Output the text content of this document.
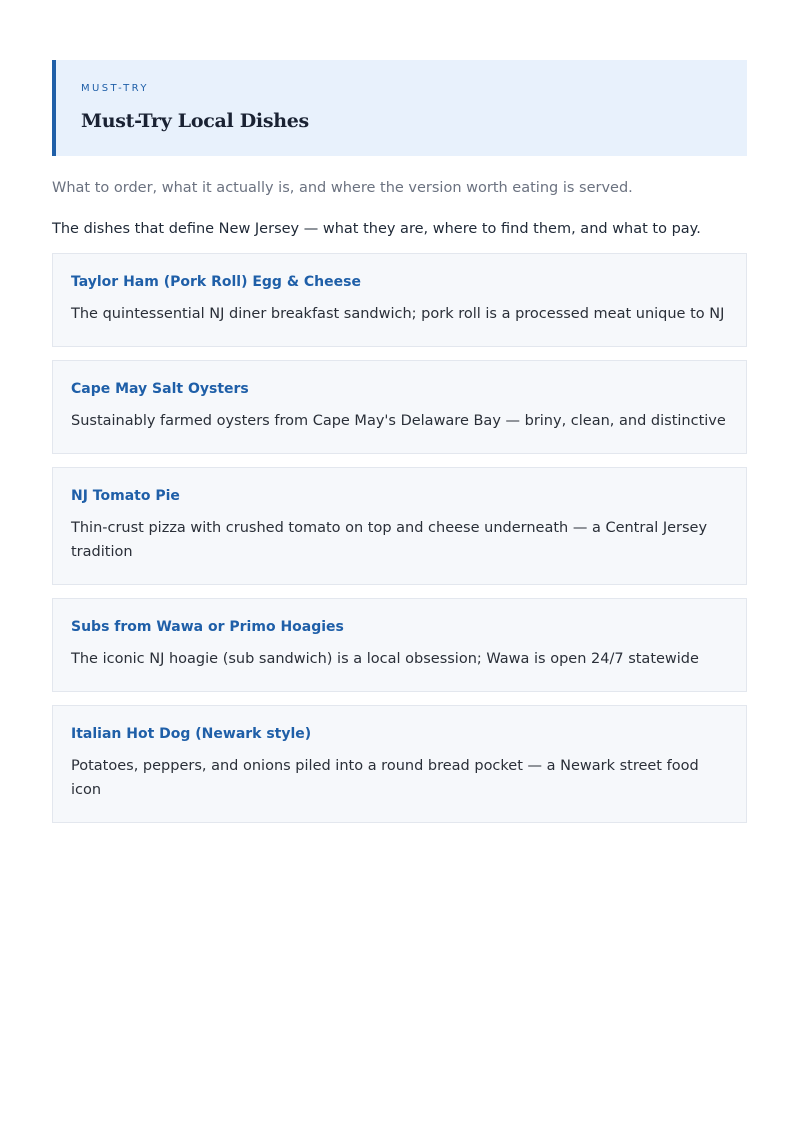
MUST-TRY
Must-Try Local Dishes
What to order, what it actually is, and where the version worth eating is served.
The dishes that define New Jersey — what they are, where to find them, and what to pay.
Taylor Ham (Pork Roll) Egg & Cheese
The quintessential NJ diner breakfast sandwich; pork roll is a processed meat unique to NJ
Cape May Salt Oysters
Sustainably farmed oysters from Cape May's Delaware Bay — briny, clean, and distinctive
NJ Tomato Pie
Thin-crust pizza with crushed tomato on top and cheese underneath — a Central Jersey tradition
Subs from Wawa or Primo Hoagies
The iconic NJ hoagie (sub sandwich) is a local obsession; Wawa is open 24/7 statewide
Italian Hot Dog (Newark style)
Potatoes, peppers, and onions piled into a round bread pocket — a Newark street food icon
